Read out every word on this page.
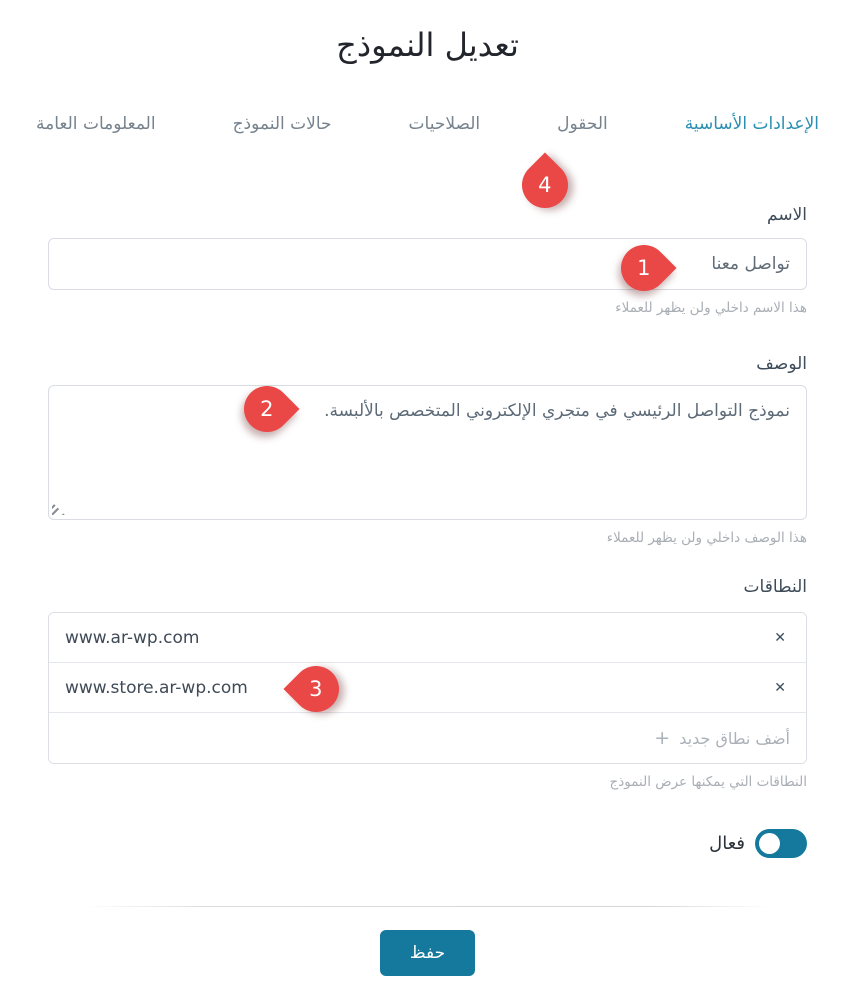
تعديل النموذج
الإعدادات الأساسية
الحقول
الصلاحيات
حالات النموذج
المعلومات العامة
الاسم
تواصل معنا
هذا الاسم داخلي ولن يظهر للعملاء
الوصف
نموذج التواصل الرئيسي في متجري الإلكتروني المتخصص بالألبسة.
هذا الوصف داخلي ولن يظهر للعملاء
النطاقات
www.ar-wp.com	✕
www.store.ar-wp.com	✕
أضف نطاق جديد
+
النطاقات التي يمكنها عرض النموذج
فعال
حفظ
1
2
3
4
